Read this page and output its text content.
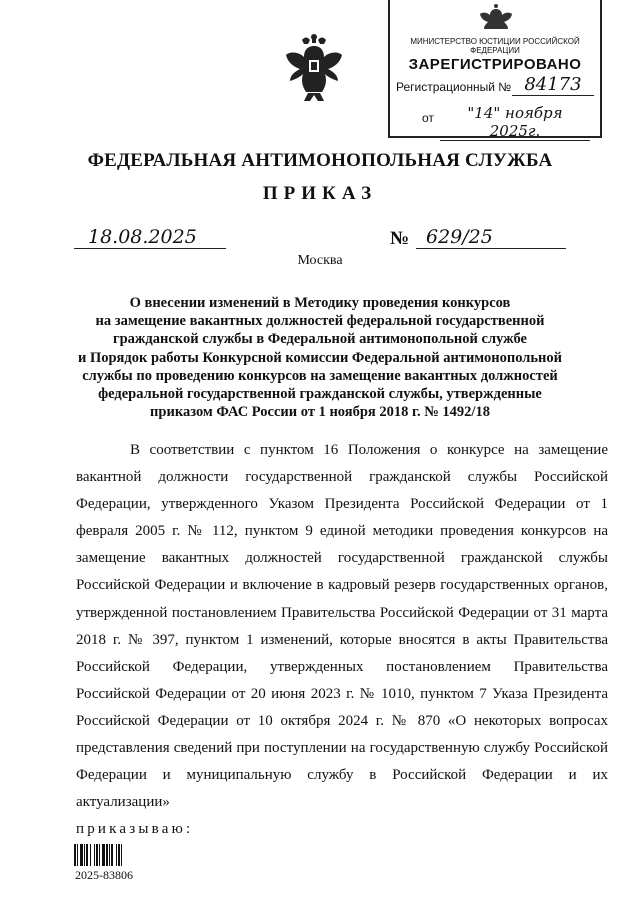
МИНИСТЕРСТВО ЮСТИЦИИ РОССИЙСКОЙ ФЕДЕРАЦИИ
ЗАРЕГИСТРИРОВАНО
Регистрационный № 84173
от	"14" ноября 2025г.
ФЕДЕРАЛЬНАЯ АНТИМОНОПОЛЬНАЯ СЛУЖБА
ПРИКАЗ
18.08.2025	№ 629/25
Москва
О внесении изменений в Методику проведения конкурсов
на замещение вакантных должностей федеральной государственной
гражданской службы в Федеральной антимонопольной службе
и Порядок работы Конкурсной комиссии Федеральной антимонопольной
службы по проведению конкурсов на замещение вакантных должностей
федеральной государственной гражданской службы, утвержденные
приказом ФАС России от 1 ноября 2018 г. № 1492/18

В соответствии с пунктом 16 Положения о конкурсе на замещение вакантной должности государственной гражданской службы Российской Федерации, утвержденного Указом Президента Российской Федерации от 1 февраля 2005 г. № 112, пунктом 9 единой методики проведения конкурсов на замещение вакантных должностей государственной гражданской службы Российской Федерации и включение в кадровый резерв государственных органов, утвержденной постановлением Правительства Российской Федерации от 31 марта 2018 г. № 397, пунктом 1 изменений, которые вносятся в акты Правительства Российской Федерации, утвержденных постановлением Правительства Российской Федерации от 20 июня 2023 г. № 1010, пунктом 7 Указа Президента Российской Федерации от 10 октября 2024 г. № 870 «О некоторых вопросах представления сведений при поступлении на государственную службу Российской Федерации и муниципальную службу в Российской Федерации и их актуализации»

приказываю:

2025-83806
